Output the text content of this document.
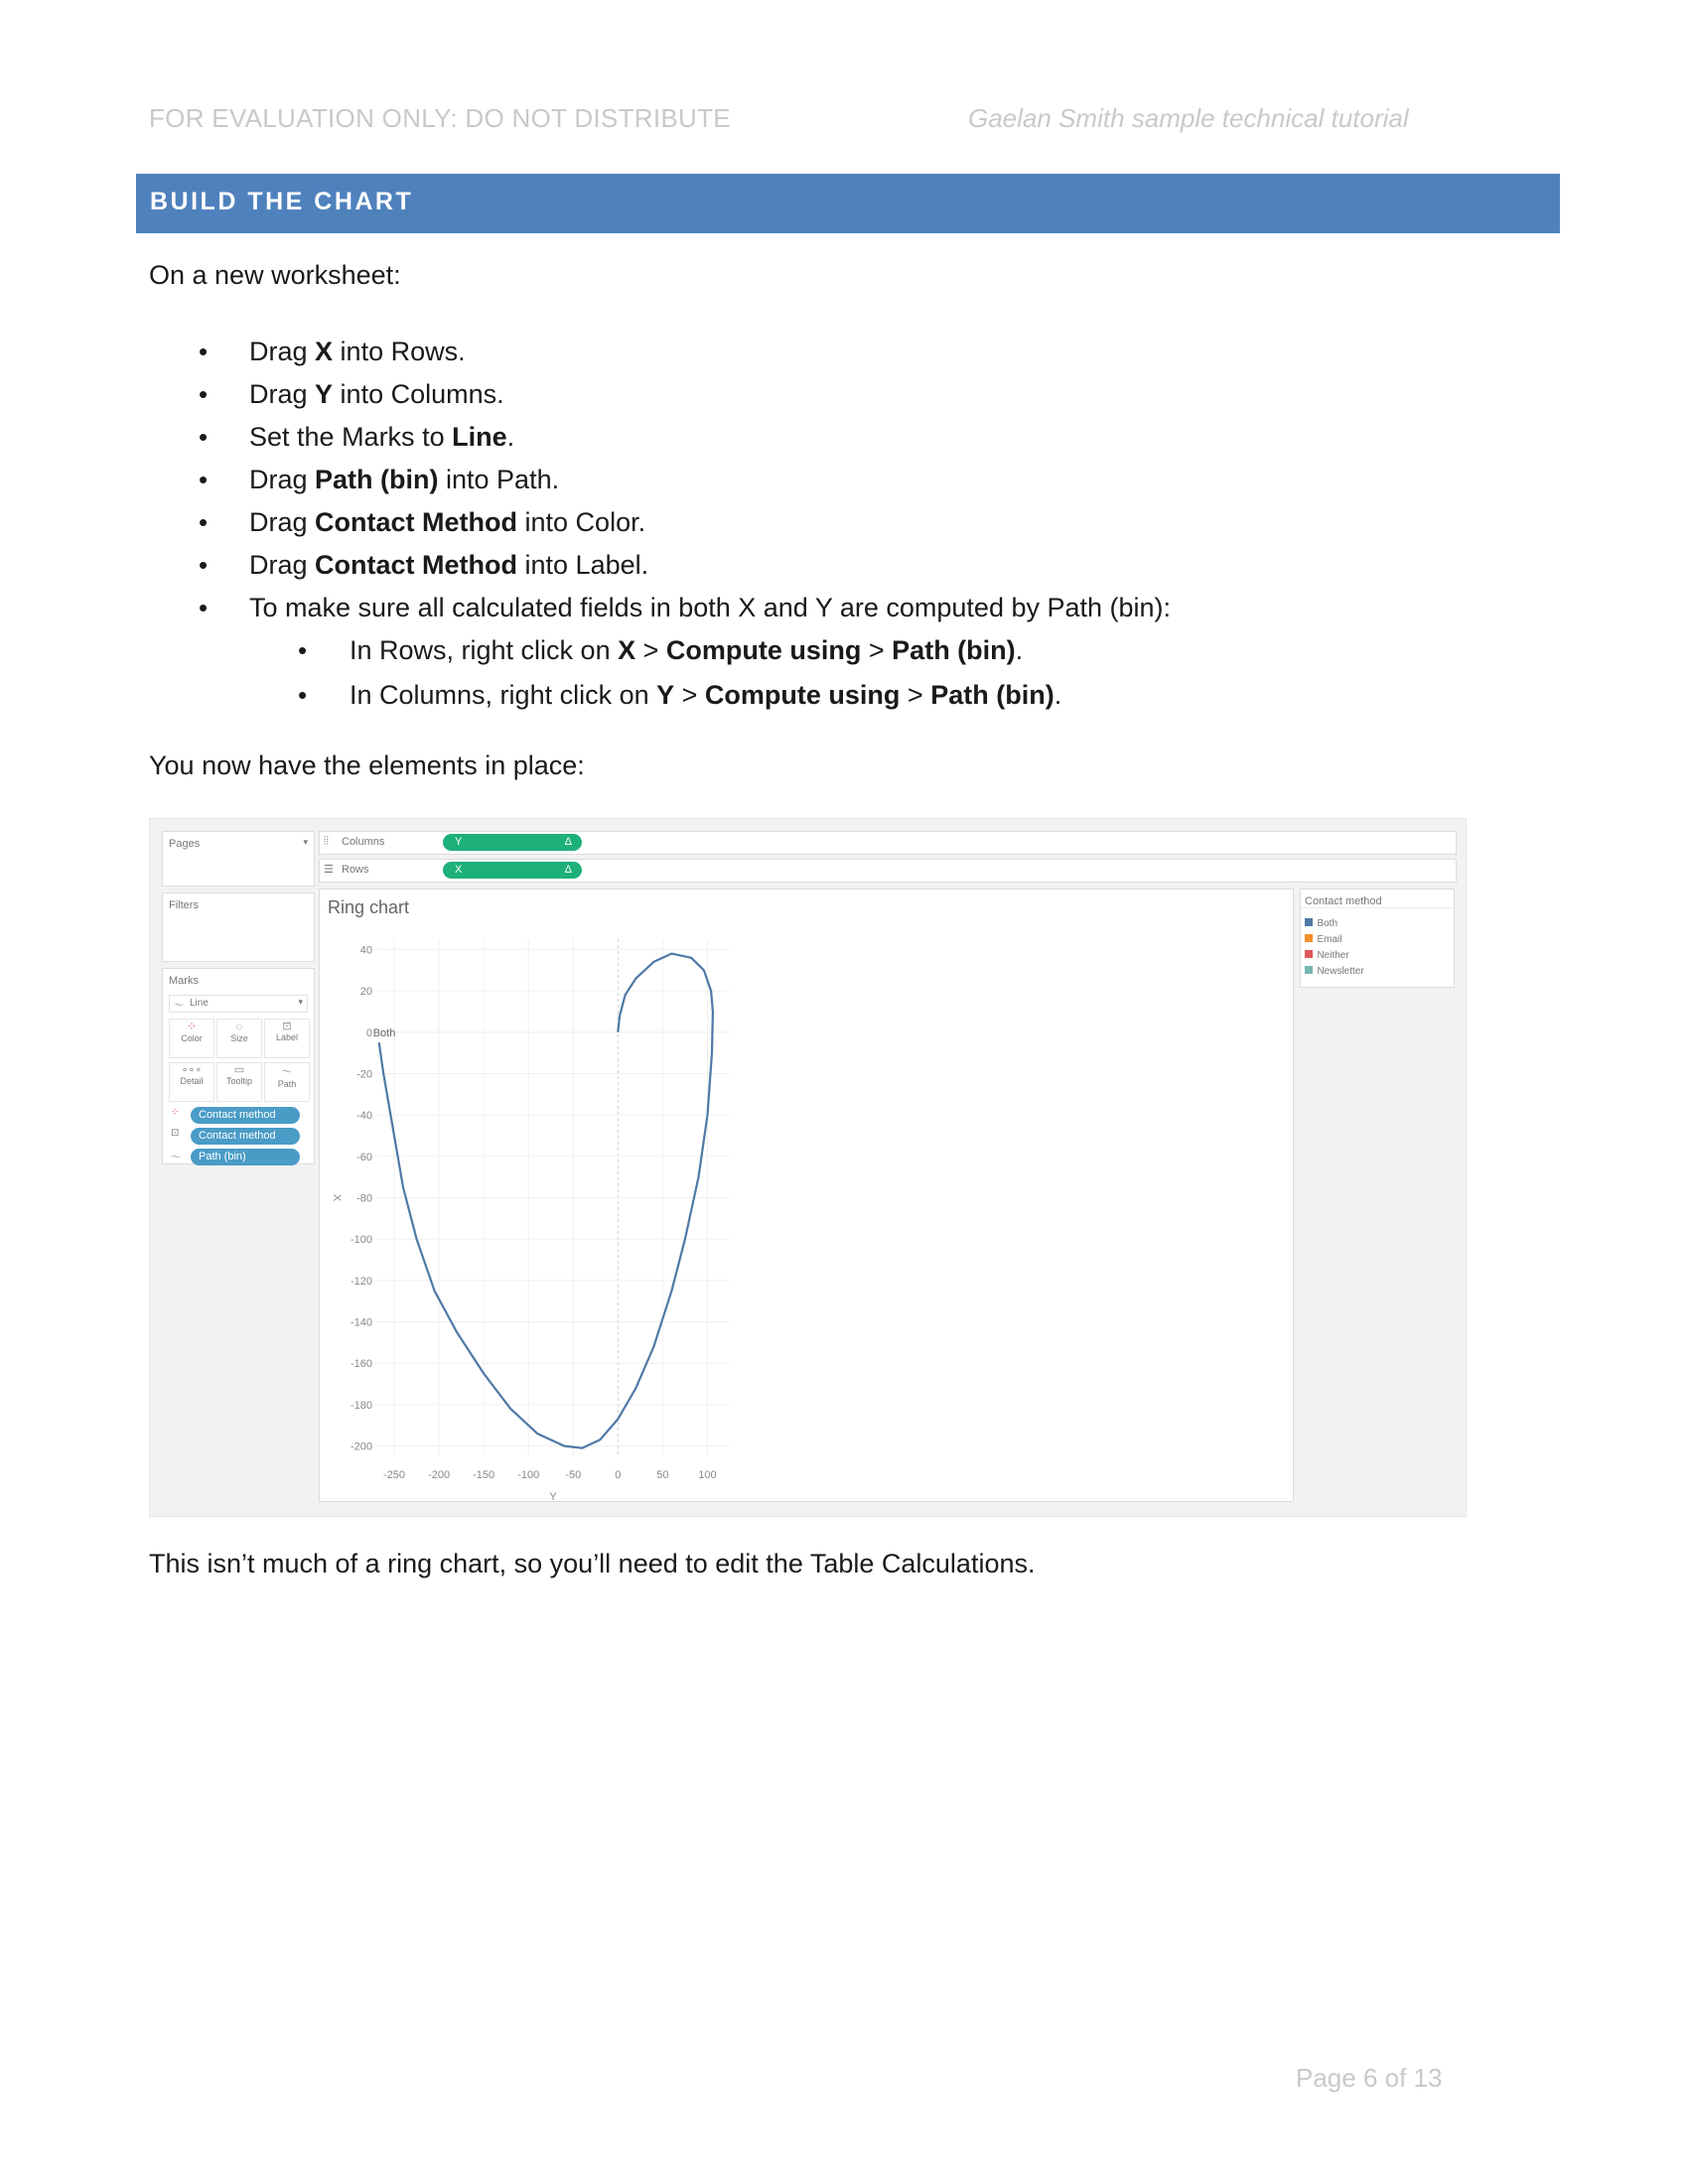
FOR EVALUATION ONLY: DO NOT DISTRIBUTE	Gaelan Smith sample technical tutorial
BUILD THE CHART
On a new worksheet:
• Drag X into Rows.
• Drag Y into Columns.
• Set the Marks to Line.
• Drag Path (bin) into Path.
• Drag Contact Method into Color.
• Drag Contact Method into Label.
• To make sure all calculated fields in both X and Y are computed by Path (bin):
• In Rows, right click on X > Compute using > Path (bin).
• In Columns, right click on Y > Compute using > Path (bin).
You now have the elements in place:
Pages	▾
Filters
Marks
〜 Line	▾
⁘
Color
◌
Size
⊡
Label
∘∘∘
Detail
▭
Tooltip
〜
Path
⁘	Contact method
⊡	Contact method
〜	Path (bin)
⦙⦙ Columns	Y	Δ
☰ Rows	X	Δ
Contact method
Both
Email
Neither
Newsletter
Ring chart
-250 -200 -150 -100 -50	0	50	100
40
20
0
-20
-40
-60
-80
-100
-120
-140
-160
-180
-200
Y
X
Both
This isn’t much of a ring chart, so you’ll need to edit the Table Calculations.
Page 6 of 13
